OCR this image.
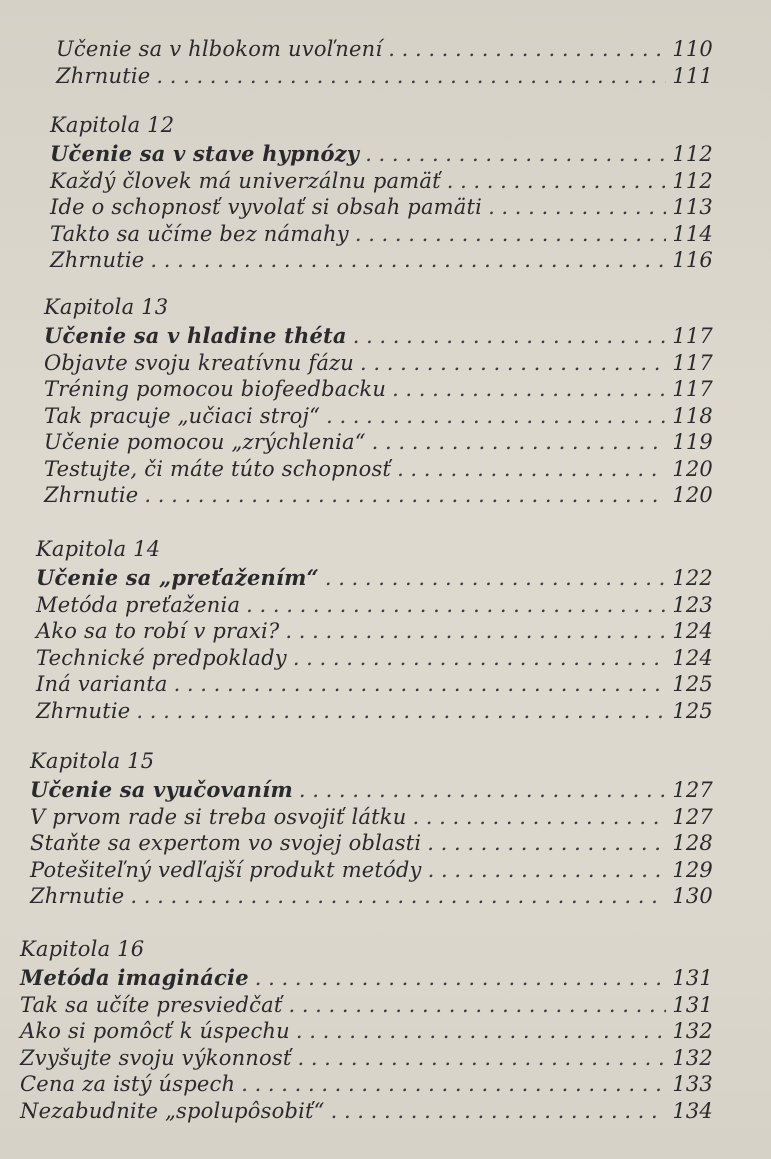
Učenie sa v hlbokom uvoľnení . . .	110
Zhrnutie . . .	111
Kapitola 12
Učenie sa v stave hypnózy . . .	112
Každý človek má univerzálnu pamäť . . .	112
Ide o schopnosť vyvolať si obsah pamäti . . .	113
Takto sa učíme bez námahy . . .	114
Zhrnutie . . .	116
Kapitola 13
Učenie sa v hladine théta . . .	117
Objavte svoju kreatívnu fázu . . .	117
Tréning pomocou biofeedbacku . . .	117
Tak pracuje „učiaci stroj“ . . .	118
Učenie pomocou „zrýchlenia“ . . .	119
Testujte, či máte túto schopnosť . . .	120
Zhrnutie . . .	120
Kapitola 14
Učenie sa „preťažením“ . . .	122
Metóda preťaženia . . .	123
Ako sa to robí v praxi? . . .	124
Technické predpoklady . . .	124
Iná varianta . . .	125
Zhrnutie . . .	125
Kapitola 15
Učenie sa vyučovaním . . .	127
V prvom rade si treba osvojiť látku . . .	127
Staňte sa expertom vo svojej oblasti . . .	128
Potešiteľný vedľajší produkt metódy . . .	129
Zhrnutie . . .	130
Kapitola 16
Metóda imaginácie . . .	131
Tak sa učíte presviedčať . . .	131
Ako si pomôcť k úspechu . . .	132
Zvyšujte svoju výkonnosť . . .	132
Cena za istý úspech . . .	133
Nezabudnite „spolupôsobiť“ . . .	134
